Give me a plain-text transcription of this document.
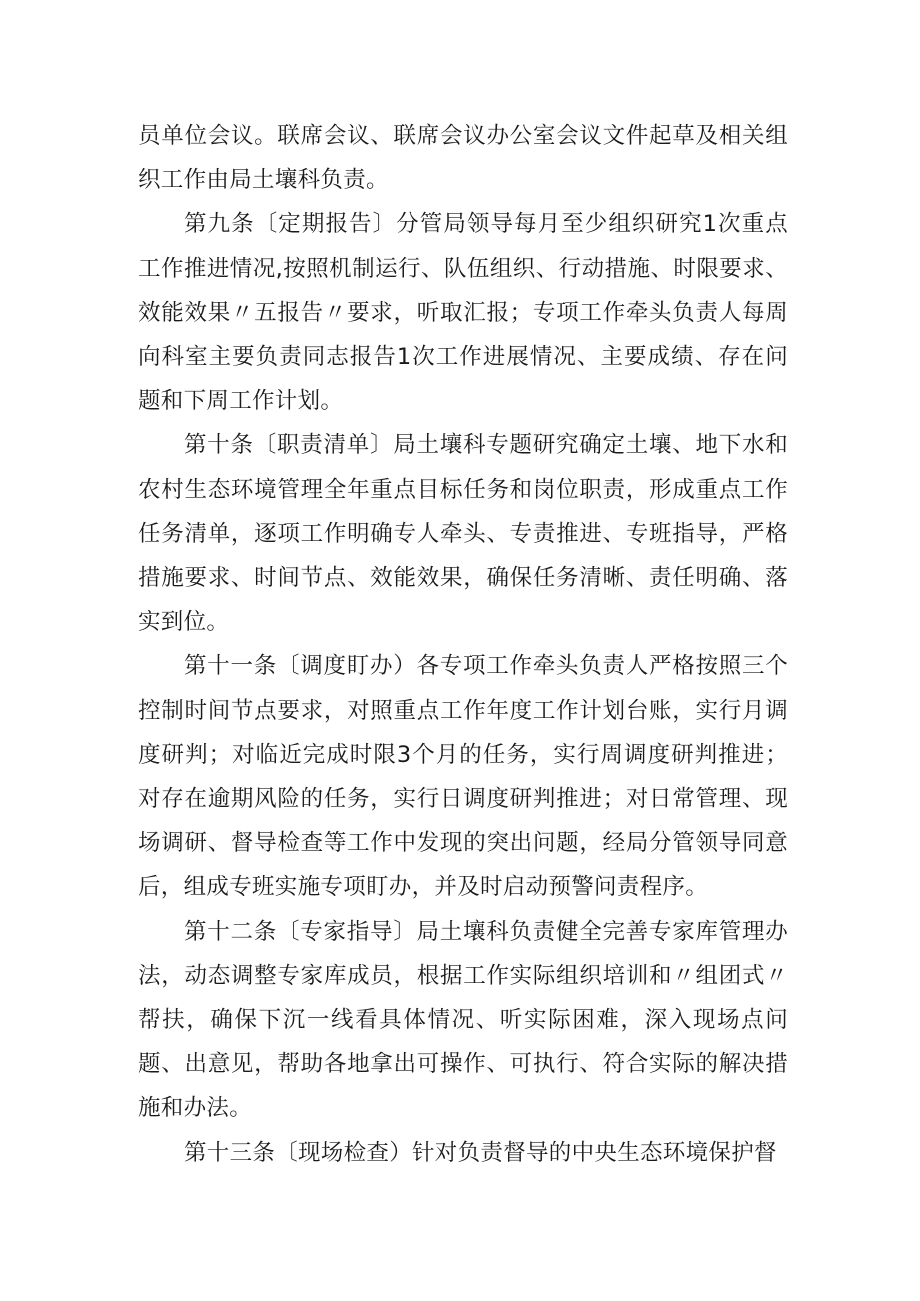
员单位会议。联席会议、联席会议办公室会议文件起草及相关组织工作由局土壤科负责。

第九条〔定期报告〕分管局领导每月至少组织研究1次重点工作推进情况,按照机制运行、队伍组织、行动措施、时限要求、效能效果〃五报告〃要求，听取汇报；专项工作牵头负责人每周向科室主要负责同志报告1次工作进展情况、主要成绩、存在问题和下周工作计划。

第十条〔职责清单〕局土壤科专题研究确定土壤、地下水和农村生态环境管理全年重点目标任务和岗位职责，形成重点工作任务清单，逐项工作明确专人牵头、专责推进、专班指导，严格措施要求、时间节点、效能效果，确保任务清晰、责任明确、落实到位。

第十一条〔调度盯办）各专项工作牵头负责人严格按照三个控制时间节点要求，对照重点工作年度工作计划台账，实行月调度研判；对临近完成时限3个月的任务，实行周调度研判推进；对存在逾期风险的任务，实行日调度研判推进；对日常管理、现场调研、督导检查等工作中发现的突出问题，经局分管领导同意后，组成专班实施专项盯办，并及时启动预警问责程序。

第十二条〔专家指导〕局土壤科负责健全完善专家库管理办法，动态调整专家库成员，根据工作实际组织培训和〃组团式〃帮扶，确保下沉一线看具体情况、听实际困难，深入现场点问题、出意见，帮助各地拿出可操作、可执行、符合实际的解决措施和办法。

第十三条〔现场检查）针对负责督导的中央生态环境保护督
